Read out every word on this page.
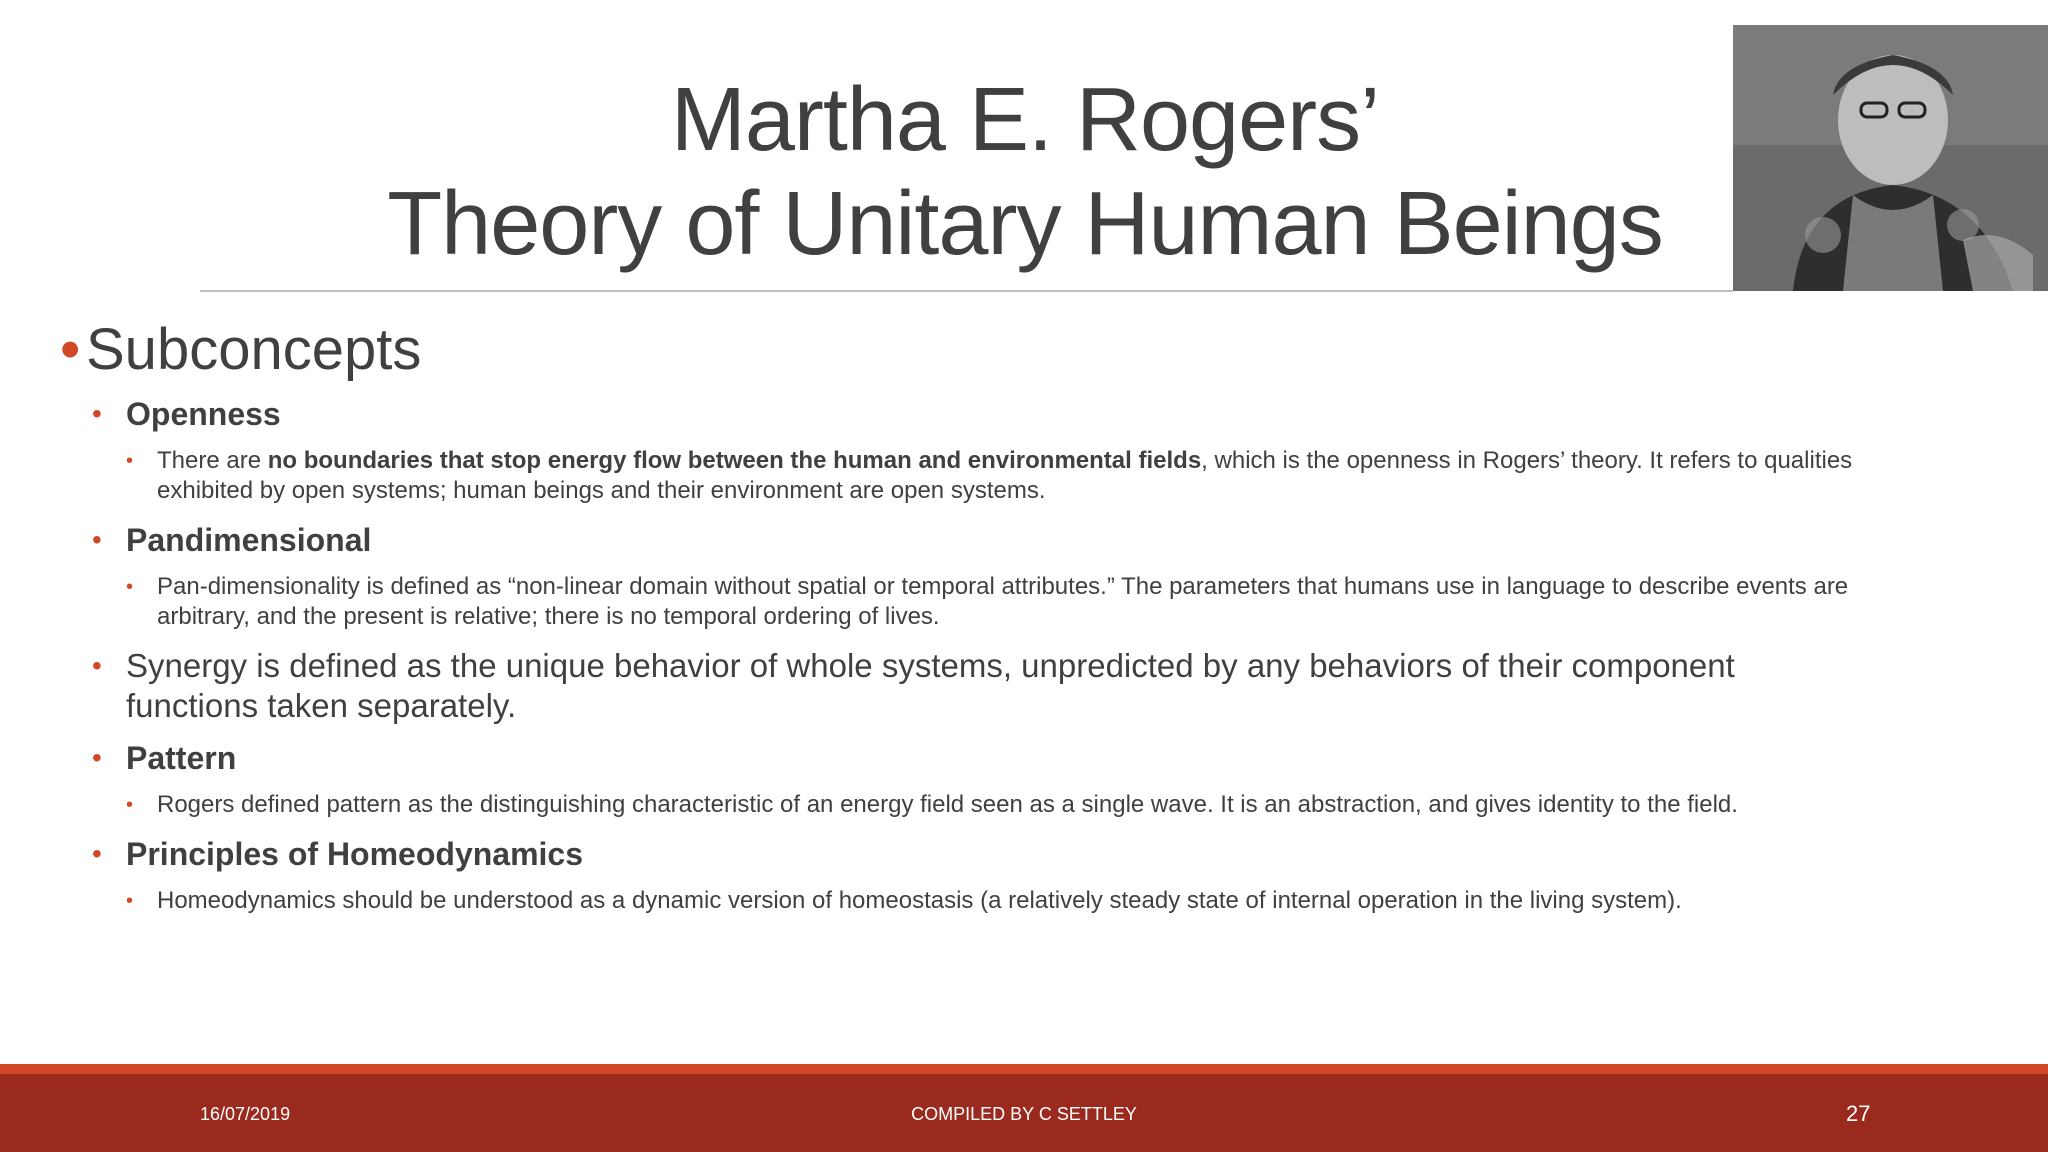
Martha E. Rogers’

Theory of Unitary Human Beings

• Subconcepts
• Openness
• There are no boundaries that stop energy flow between the human and environmental fields, which is the openness in Rogers’ theory. It refers to qualities exhibited by open systems; human beings and their environment are open systems.
• Pandimensional
• Pan-dimensionality is defined as “non-linear domain without spatial or temporal attributes.” The parameters that humans use in language to describe events are arbitrary, and the present is relative; there is no temporal ordering of lives.
• Synergy is defined as the unique behavior of whole systems, unpredicted by any behaviors of their component functions taken separately.
• Pattern
• Rogers defined pattern as the distinguishing characteristic of an energy field seen as a single wave. It is an abstraction, and gives identity to the field.
• Principles of Homeodynamics
• Homeodynamics should be understood as a dynamic version of homeostasis (a relatively steady state of internal operation in the living system).
COMPILED BY C SETTLEY
16/07/2019	27
